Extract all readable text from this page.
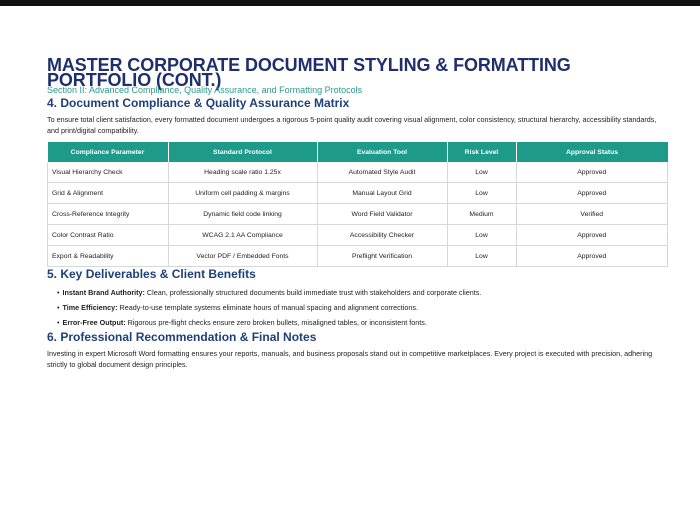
MASTER CORPORATE DOCUMENT STYLING & FORMATTING PORTFOLIO (CONT.)
Section II: Advanced Compliance, Quality Assurance, and Formatting Protocols
4. Document Compliance & Quality Assurance Matrix

To ensure total client satisfaction, every formatted document undergoes a rigorous 5-point quality audit covering visual alignment, color consistency, structural hierarchy, accessibility standards, and print/digital compatibility.

Compliance Parameter	Standard Protocol	Evaluation Tool	Risk Level	Approval Status
Visual Hierarchy Check	Heading scale ratio 1.25x	Automated Style Audit	Low	Approved
Grid & Alignment	Uniform cell padding & margins	Manual Layout Grid	Low	Approved
Cross-Reference Integrity	Dynamic field code linking	Word Field Validator	Medium	Verified
Color Contrast Ratio	WCAG 2.1 AA Compliance	Accessibility Checker	Low	Approved
Export & Readability	Vector PDF / Embedded Fonts	Preflight Verification	Low	Approved
5. Key Deliverables & Client Benefits
• Instant Brand Authority: Clean, professionally structured documents build immediate trust with stakeholders and corporate clients.
• Time Efficiency: Ready-to-use template systems eliminate hours of manual spacing and alignment corrections.
• Error-Free Output: Rigorous pre-flight checks ensure zero broken bullets, misaligned tables, or inconsistent fonts.
6. Professional Recommendation & Final Notes

Investing in expert Microsoft Word formatting ensures your reports, manuals, and business proposals stand out in competitive marketplaces. Every project is executed with precision, adhering strictly to global document design principles.
